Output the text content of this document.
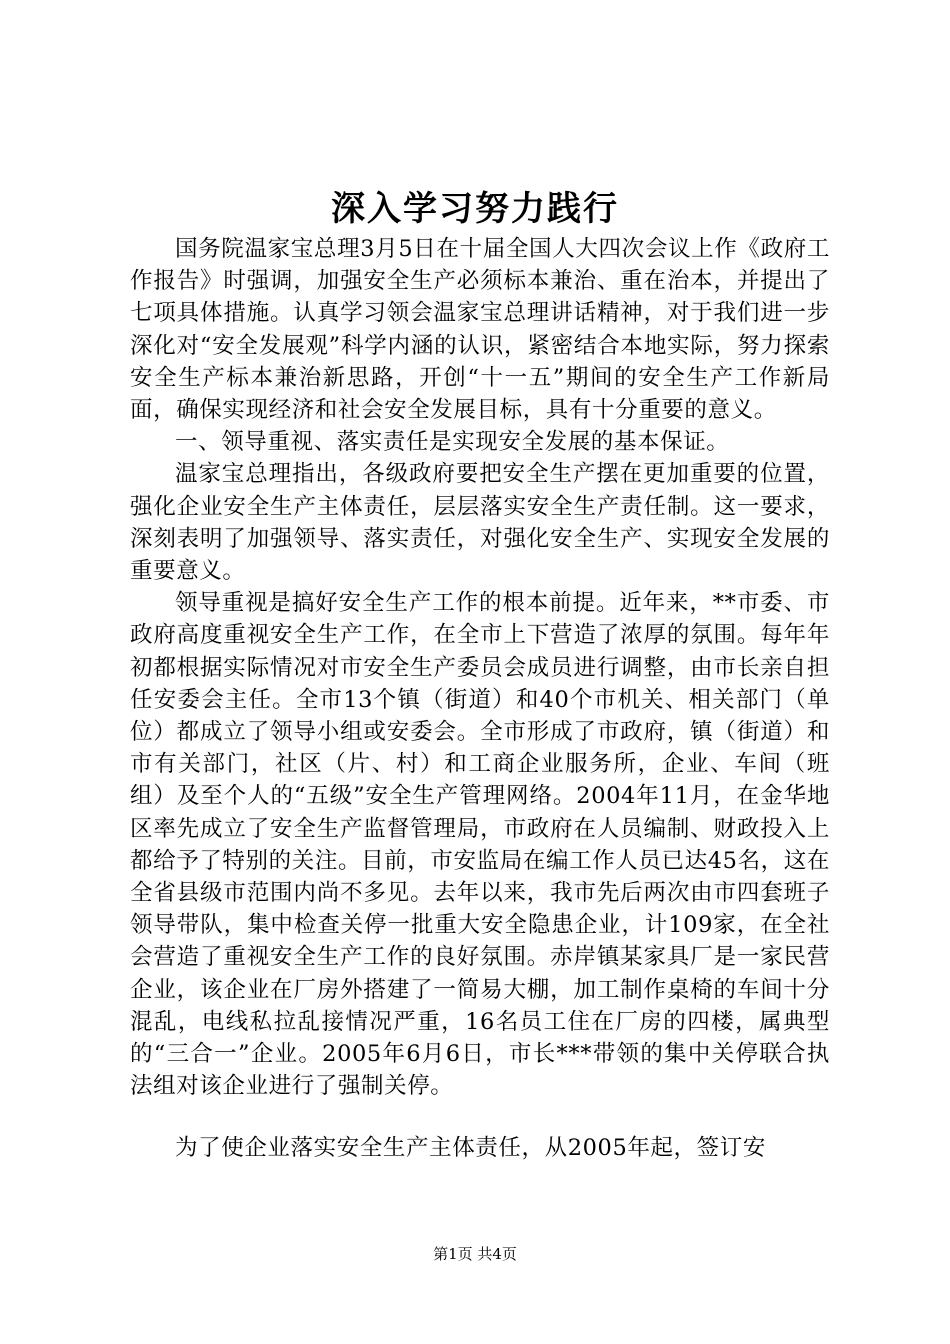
深入学习努力践行

国务院温家宝总理3月5日在十届全国人大四次会议上作《政府工作报告》时强调，加强安全生产必须标本兼治、重在治本，并提出了七项具体措施。认真学习领会温家宝总理讲话精神，对于我们进一步深化对“安全发展观”科学内涵的认识，紧密结合本地实际，努力探索安全生产标本兼治新思路，开创“十一五”期间的安全生产工作新局面，确保实现经济和社会安全发展目标，具有十分重要的意义。

一、领导重视、落实责任是实现安全发展的基本保证。

温家宝总理指出，各级政府要把安全生产摆在更加重要的位置，强化企业安全生产主体责任，层层落实安全生产责任制。这一要求，深刻表明了加强领导、落实责任，对强化安全生产、实现安全发展的重要意义。

领导重视是搞好安全生产工作的根本前提。近年来，**市委、市政府高度重视安全生产工作，在全市上下营造了浓厚的氛围。每年年初都根据实际情况对市安全生产委员会成员进行调整，由市长亲自担任安委会主任。全市13个镇（街道）和40个市机关、相关部门（单位）都成立了领导小组或安委会。全市形成了市政府，镇（街道）和市有关部门，社区（片、村）和工商企业服务所，企业、车间（班组）及至个人的“五级”安全生产管理网络。2004年11月，在金华地区率先成立了安全生产监督管理局，市政府在人员编制、财政投入上都给予了特别的关注。目前，市安监局在编工作人员已达45名，这在全省县级市范围内尚不多见。去年以来，我市先后两次由市四套班子领导带队，集中检查关停一批重大安全隐患企业，计109家，在全社会营造了重视安全生产工作的良好氛围。赤岸镇某家具厂是一家民营企业，该企业在厂房外搭建了一简易大棚，加工制作桌椅的车间十分混乱，电线私拉乱接情况严重，16名员工住在厂房的四楼，属典型的“三合一”企业。2005年6月6日，市长***带领的集中关停联合执法组对该企业进行了强制关停。

为了使企业落实安全生产主体责任，从2005年起，签订安

第1页 共4页
